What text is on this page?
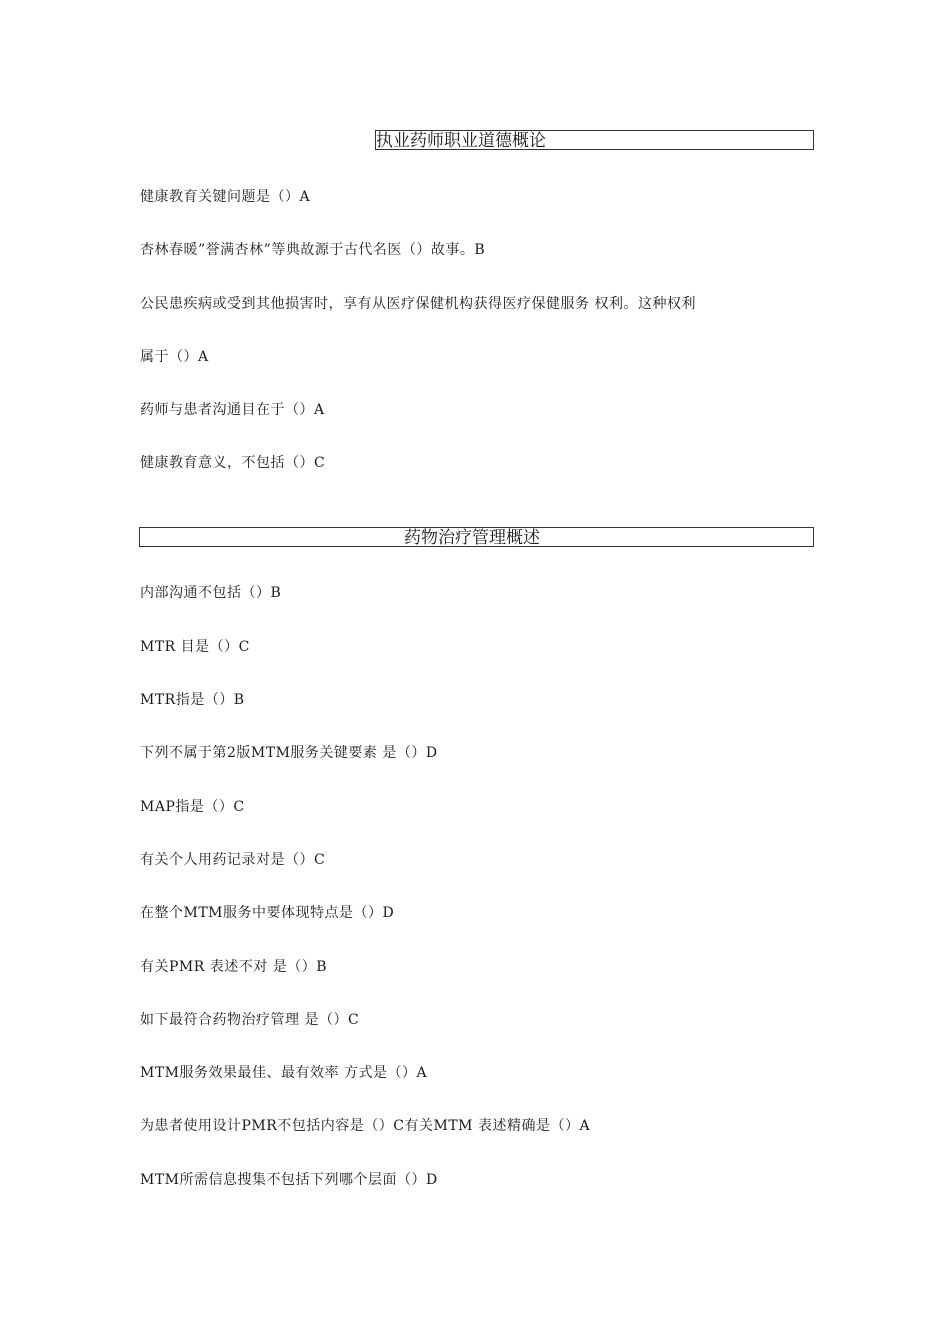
执业药师职业道德概论
健康教育关键问题是（）A
杏林春暖”誉满杏林”等典故源于古代名医（）故事。B
公民患疾病或受到其他损害时，享有从医疗保健机构获得医疗保健服务 权利。这种权利
属于（）A
药师与患者沟通目在于（）A
健康教育意义，不包括（）C
药物治疗管理概述
内部沟通不包括（）B
MTR 目是（）C
MTR指是（）B
下列不属于第2版MTM服务关键要素 是（）D
MAP指是（）C
有关个人用药记录对是（）C
在整个MTM服务中要体现特点是（）D
有关PMR 表述不对 是（）B
如下最符合药物治疗管理 是（）C
MTM服务效果最佳、最有效率 方式是（）A
为患者使用设计PMR不包括内容是（）C有关MTM 表述精确是（）A
MTM所需信息搜集不包括下列哪个层面（）D
